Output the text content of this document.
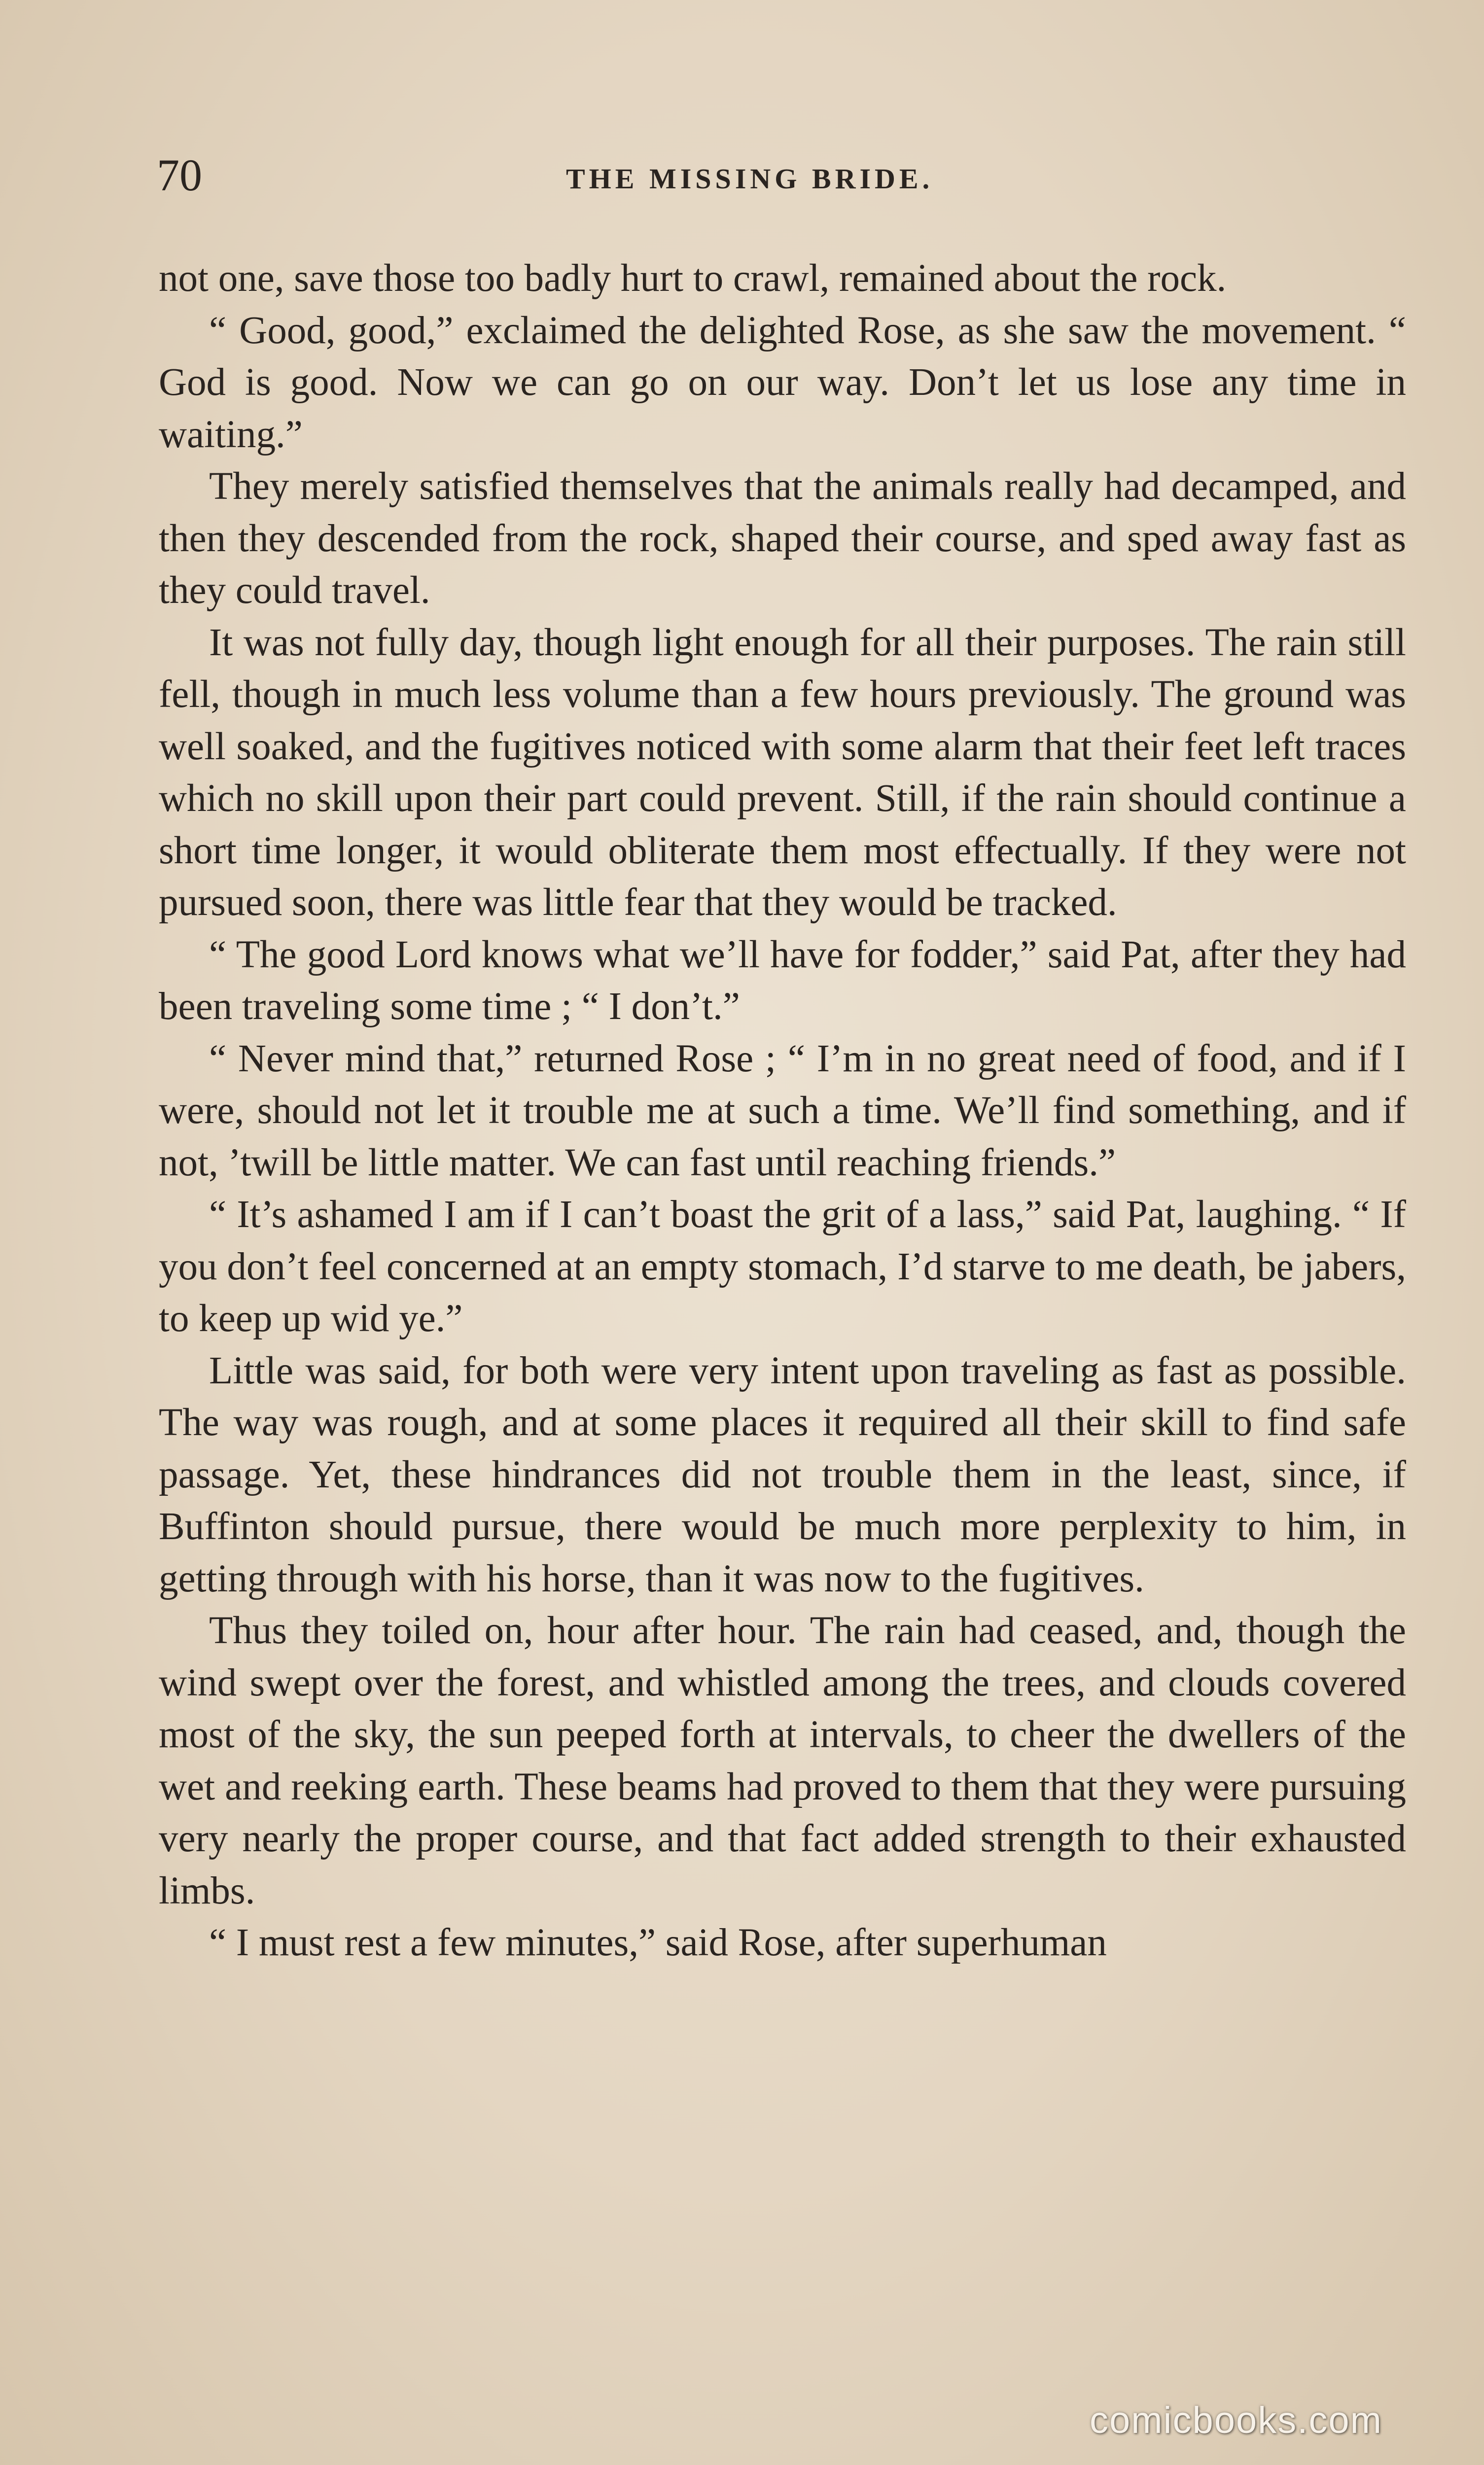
70	THE MISSING BRIDE.

not one, save those too badly hurt to crawl, remained about the rock.

“ Good, good,” exclaimed the delighted Rose, as she saw the movement. “ God is good. Now we can go on our way. Don’t let us lose any time in waiting.”

They merely satisfied themselves that the animals really had decamped, and then they descended from the rock, shaped their course, and sped away fast as they could travel.

It was not fully day, though light enough for all their purposes. The rain still fell, though in much less volume than a few hours previously. The ground was well soaked, and the fugitives noticed with some alarm that their feet left traces which no skill upon their part could prevent. Still, if the rain should continue a short time longer, it would obliterate them most effectually. If they were not pursued soon, there was little fear that they would be tracked.

“ The good Lord knows what we’ll have for fodder,” said Pat, after they had been traveling some time ; “ I don’t.”

“ Never mind that,” returned Rose ; “ I’m in no great need of food, and if I were, should not let it trouble me at such a time. We’ll find something, and if not, ’twill be little matter. We can fast until reaching friends.”

“ It’s ashamed I am if I can’t boast the grit of a lass,” said Pat, laughing. “ If you don’t feel concerned at an empty stomach, I’d starve to me death, be jabers, to keep up wid ye.”

Little was said, for both were very intent upon traveling as fast as possible. The way was rough, and at some places it required all their skill to find safe passage. Yet, these hindrances did not trouble them in the least, since, if Buffinton should pursue, there would be much more perplexity to him, in getting through with his horse, than it was now to the fugitives.

Thus they toiled on, hour after hour. The rain had ceased, and, though the wind swept over the forest, and whistled among the trees, and clouds covered most of the sky, the sun peeped forth at intervals, to cheer the dwellers of the wet and reeking earth. These beams had proved to them that they were pursuing very nearly the proper course, and that fact added strength to their exhausted limbs.

“ I must rest a few minutes,” said Rose, after superhuman

comicbooks.com
